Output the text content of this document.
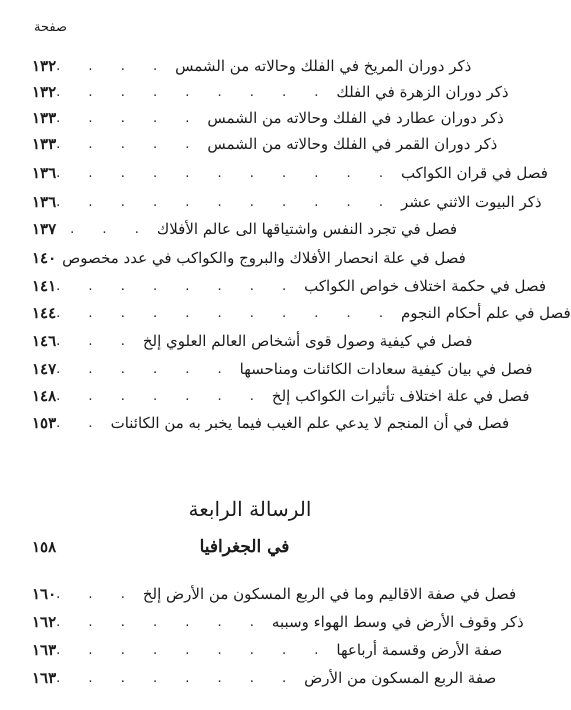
صفحة
١٣٢ . . . . ذكر دوران المريخ في الفلك وحالاته من الشمس
١٣٢ . . . . . . . . . ذكر دوران الزهرة في الفلك
١٣٣ . . . . . ذكر دوران عطارد في الفلك وحالاته من الشمس
١٣٣ . . . . . ذكر دوران القمر في الفلك وحالاته من الشمس
١٣٦ . . . . . . . . . . . فصل في قران الكواكب
١٣٦ . . . . . . . . . . . ذكر البيوت الاثني عشر
١٣٧	. . . فصل في تجرد النفس واشتياقها الى عالم الأفلاك
١٤٠ فصل في علة انحصار الأفلاك والبروج والكواكب في عدد مخصوص
١٤١ . . . . . . . . فصل في حكمة اختلاف خواص الكواكب
١٤٤ . . . . . . . . . . . فصل في علم أحكام النجوم
١٤٦ . . . فصل في كيفية وصول قوى أشخاص العالم العلوي إلخ
١٤٧ . . . . . . فصل في بيان كيفية سعادات الكائنات ومناحسها
١٤٨ . . . . . . . فصل في علة اختلاف تأثيرات الكواكب إلخ
١٥٣ . . فصل في أن المنجم لا يدعي علم الغيب فيما يخبر به من الكائنات
الرسالة الرابعة
١٥٨	في الجغرافيا
١٦٠ . . . فصل في صفة الاقاليم وما في الربع المسكون من الأرض إلخ
١٦٢ . . . . . . . ذكر وقوف الأرض في وسط الهواء وسببه
١٦٣ . . . . . . . . . صفة الأرض وقسمة أرباعها
١٦٣ . . . . . . . . صفة الربع المسكون من الأرض
